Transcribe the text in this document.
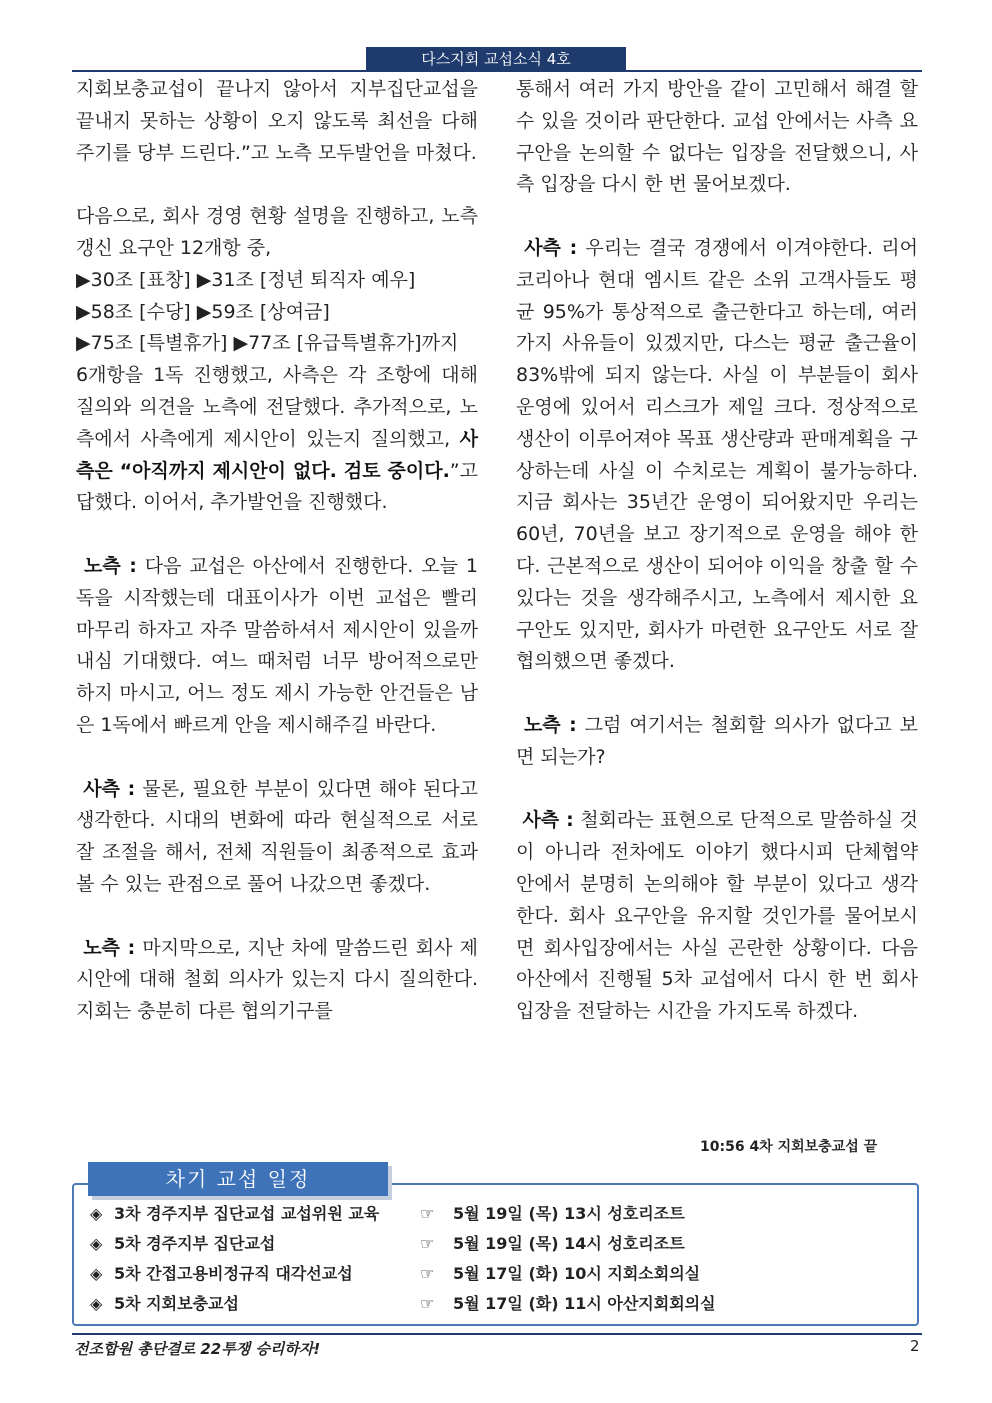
다스지회 교섭소식 4호

지회보충교섭이 끝나지 않아서 지부집단교섭을 끝내지 못하는 상황이 오지 않도록 최선을 다해주기를 당부 드린다.”고 노측 모두발언을 마쳤다.

다음으로, 회사 경영 현황 설명을 진행하고, 노측 갱신 요구안 12개항 중,

▶30조 [표창] ▶31조 [정년 퇴직자 예우]

▶58조 [수당] ▶59조 [상여금]

▶75조 [특별휴가] ▶77조 [유급특별휴가]까지

6개항을 1독 진행했고, 사측은 각 조항에 대해 질의와 의견을 노측에 전달했다. 추가적으로, 노측에서 사측에게 제시안이 있는지 질의했고, 사측은 “아직까지 제시안이 없다. 검토 중이다.”고 답했다. 이어서, 추가발언을 진행했다.

노측 : 다음 교섭은 아산에서 진행한다. 오늘 1독을 시작했는데 대표이사가 이번 교섭은 빨리 마무리 하자고 자주 말씀하셔서 제시안이 있을까 내심 기대했다. 여느 때처럼 너무 방어적으로만 하지 마시고, 어느 정도 제시 가능한 안건들은 남은 1독에서 빠르게 안을 제시해주길 바란다.

사측 : 물론, 필요한 부분이 있다면 해야 된다고 생각한다. 시대의 변화에 따라 현실적으로 서로 잘 조절을 해서, 전체 직원들이 최종적으로 효과 볼 수 있는 관점으로 풀어 나갔으면 좋겠다.

노측 : 마지막으로, 지난 차에 말씀드린 회사 제시안에 대해 철회 의사가 있는지 다시 질의한다. 지회는 충분히 다른 협의기구를

통해서 여러 가지 방안을 같이 고민해서 해결 할 수 있을 것이라 판단한다. 교섭 안에서는 사측 요구안을 논의할 수 없다는 입장을 전달했으니, 사측 입장을 다시 한 번 물어보겠다.

사측 : 우리는 결국 경쟁에서 이겨야한다. 리어코리아나 현대 엠시트 같은 소위 고객사들도 평균 95%가 통상적으로 출근한다고 하는데, 여러 가지 사유들이 있겠지만, 다스는 평균 출근율이 83%밖에 되지 않는다. 사실 이 부분들이 회사 운영에 있어서 리스크가 제일 크다. 정상적으로 생산이 이루어져야 목표 생산량과 판매계획을 구상하는데 사실 이 수치로는 계획이 불가능하다. 지금 회사는 35년간 운영이 되어왔지만 우리는 60년, 70년을 보고 장기적으로 운영을 해야 한다. 근본적으로 생산이 되어야 이익을 창출 할 수 있다는 것을 생각해주시고, 노측에서 제시한 요구안도 있지만, 회사가 마련한 요구안도 서로 잘 협의했으면 좋겠다.

노측 : 그럼 여기서는 철회할 의사가 없다고 보면 되는가?

사측 : 철회라는 표현으로 단적으로 말씀하실 것이 아니라 전차에도 이야기 했다시피 단체협약 안에서 분명히 논의해야 할 부분이 있다고 생각한다. 회사 요구안을 유지할 것인가를 물어보시면 회사입장에서는 사실 곤란한 상황이다. 다음 아산에서 진행될 5차 교섭에서 다시 한 번 회사 입장을 전달하는 시간을 가지도록 하겠다.

10:56 4차 지회보충교섭 끝
차기 교섭 일정
◈ 3차 경주지부 집단교섭 교섭위원 교육	☞ 5월 19일 (목) 13시 성호리조트
◈ 5차 경주지부 집단교섭	☞ 5월 19일 (목) 14시 성호리조트
◈ 5차 간접고용비정규직 대각선교섭	☞ 5월 17일 (화) 10시 지회소회의실
◈ 5차 지회보충교섭	☞ 5월 17일 (화) 11시 아산지회회의실
전조합원 총단결로 22투쟁 승리하자!	2
